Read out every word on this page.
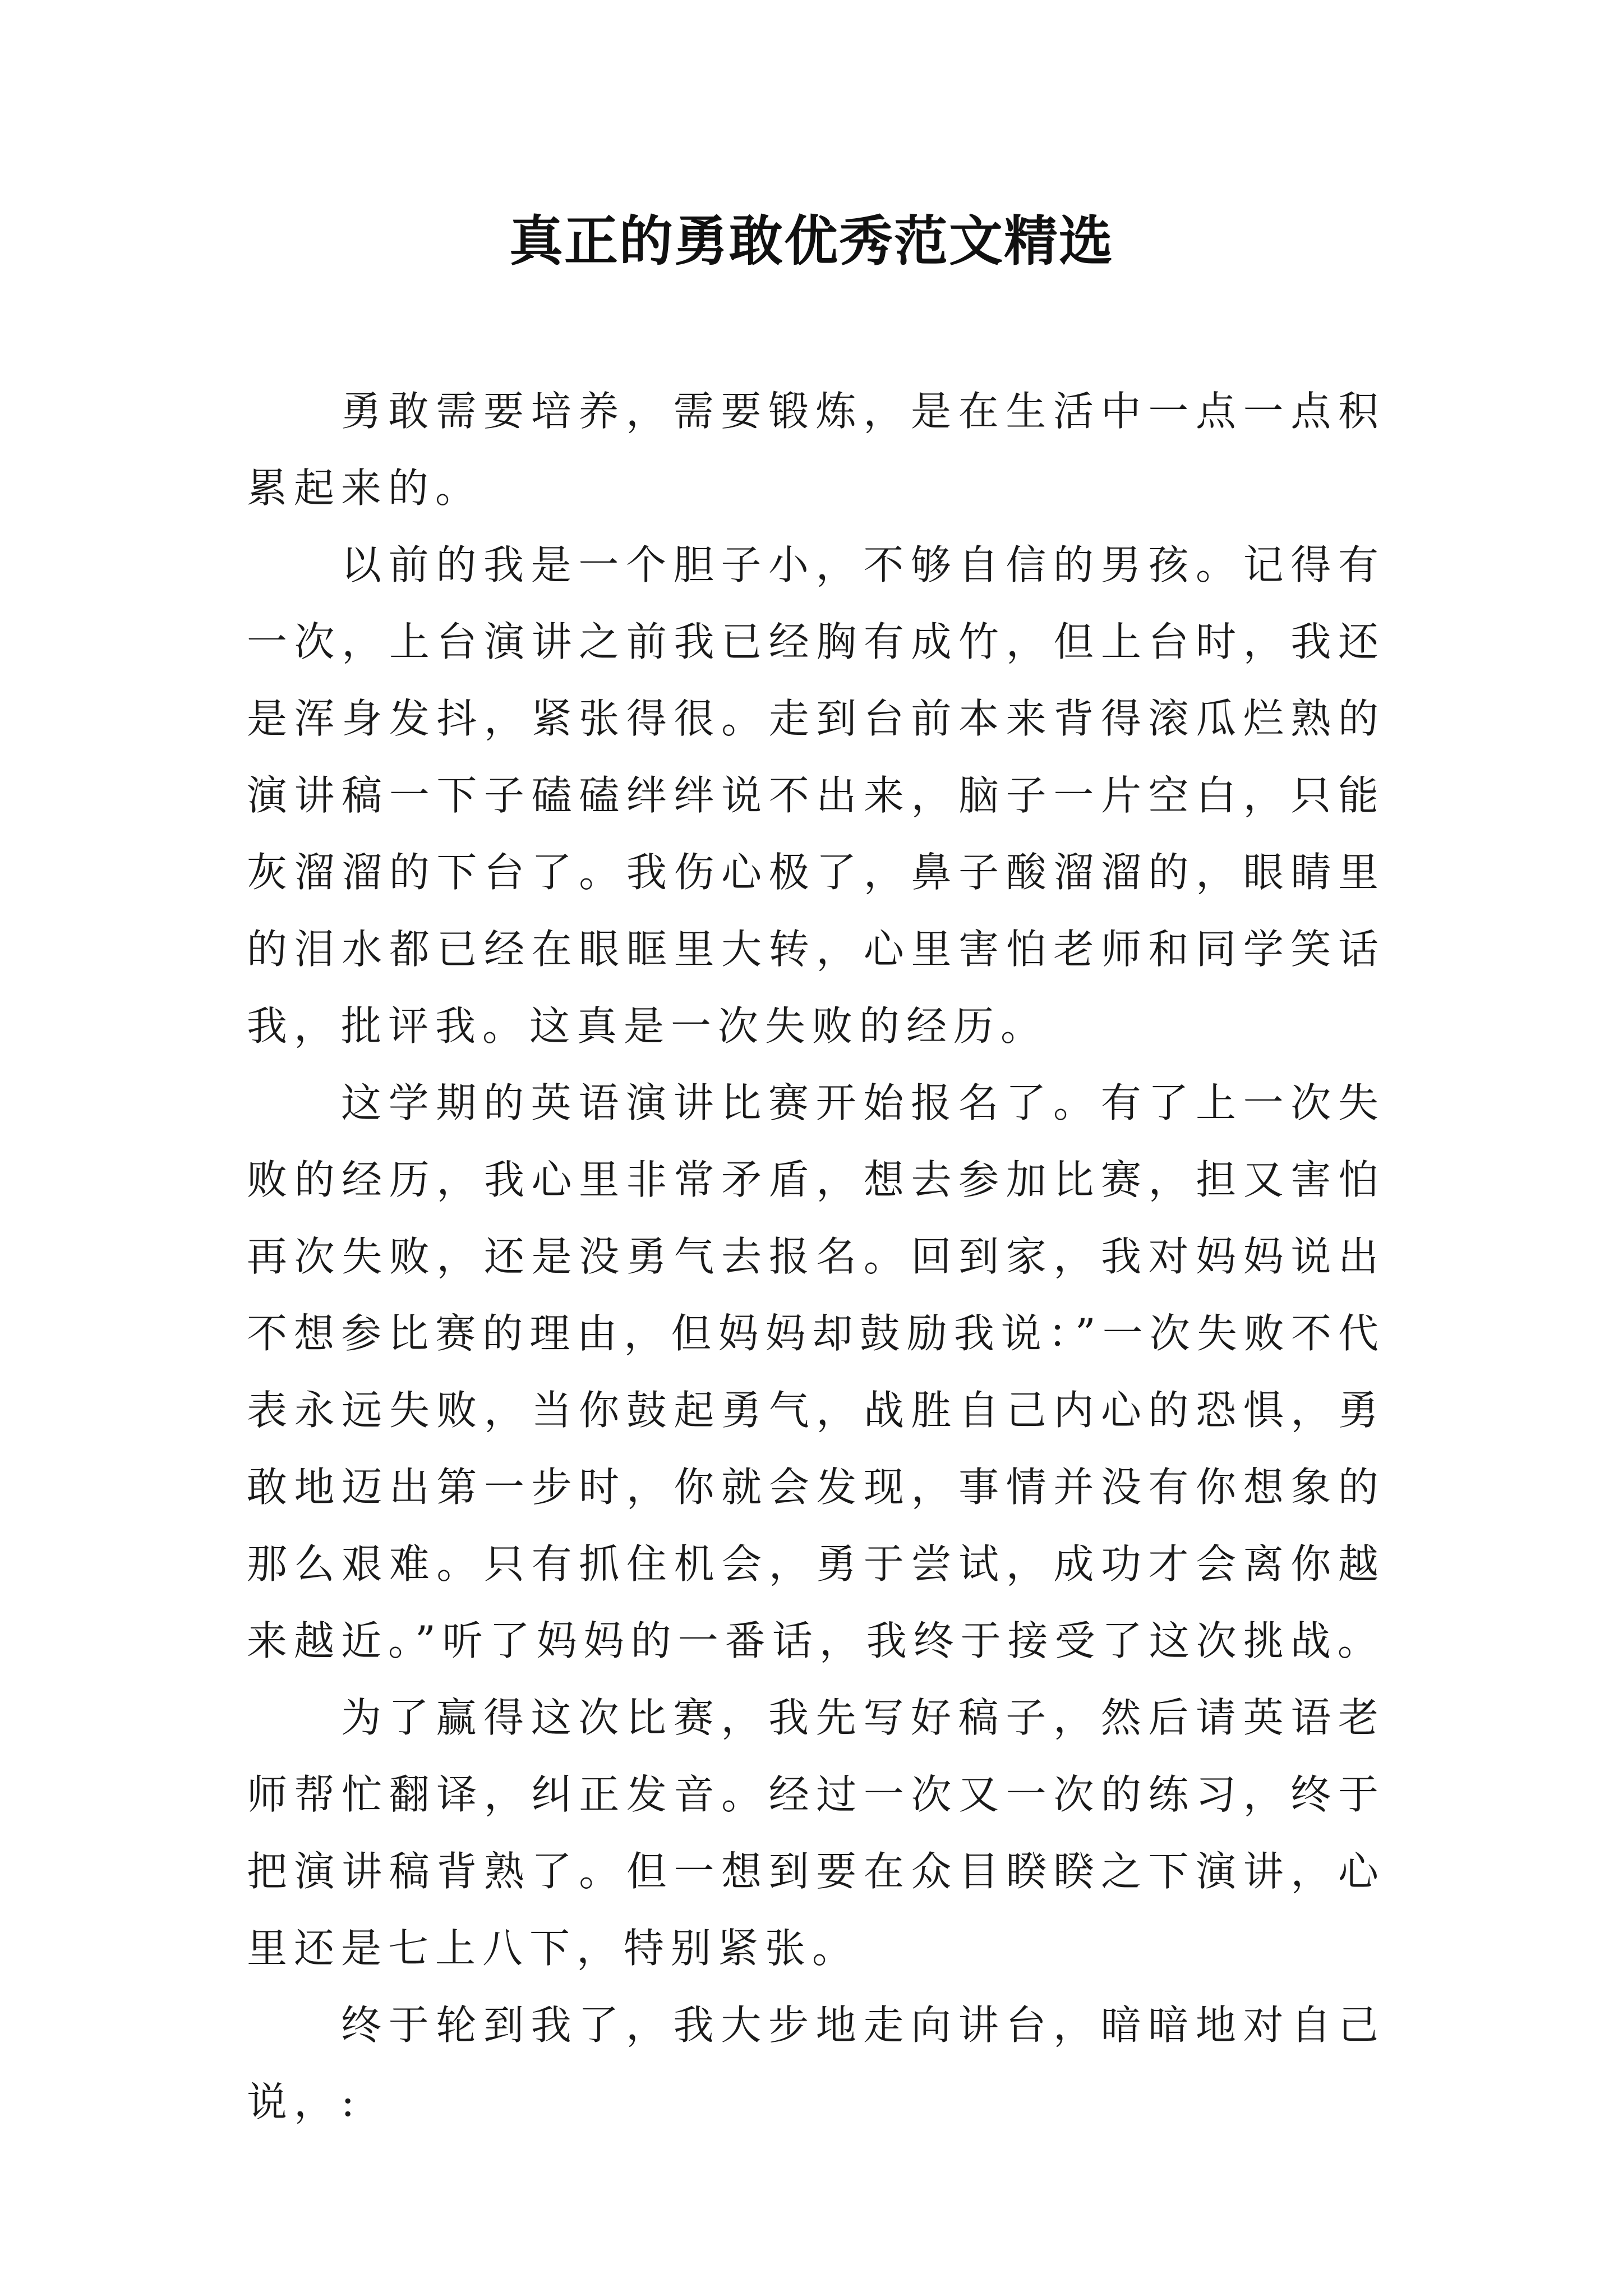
真正的勇敢优秀范文精选

勇敢需要培养，需要锻炼，是在生活中一点一点积累起来的。

以前的我是一个胆子小，不够自信的男孩。记得有一次，上台演讲之前我已经胸有成竹，但上台时，我还是浑身发抖，紧张得很。走到台前本来背得滚瓜烂熟的演讲稿一下子磕磕绊绊说不出来，脑子一片空白，只能灰溜溜的下台了。我伤心极了，鼻子酸溜溜的，眼睛里的泪水都已经在眼眶里大转，心里害怕老师和同学笑话我，批评我。这真是一次失败的经历。

这学期的英语演讲比赛开始报名了。有了上一次失败的经历，我心里非常矛盾，想去参加比赛，担又害怕再次失败，还是没勇气去报名。回到家，我对妈妈说出不想参比赛的理由，但妈妈却鼓励我说：”一次失败不代表永远失败，当你鼓起勇气，战胜自己内心的恐惧，勇敢地迈出第一步时，你就会发现，事情并没有你想象的那么艰难。只有抓住机会，勇于尝试，成功才会离你越来越近。”听了妈妈的一番话，我终于接受了这次挑战。

为了赢得这次比赛，我先写好稿子，然后请英语老师帮忙翻译，纠正发音。经过一次又一次的练习，终于把演讲稿背熟了。但一想到要在众目睽睽之下演讲，心里还是七上八下，特别紧张。

终于轮到我了，我大步地走向讲台，暗暗地对自己说，:
